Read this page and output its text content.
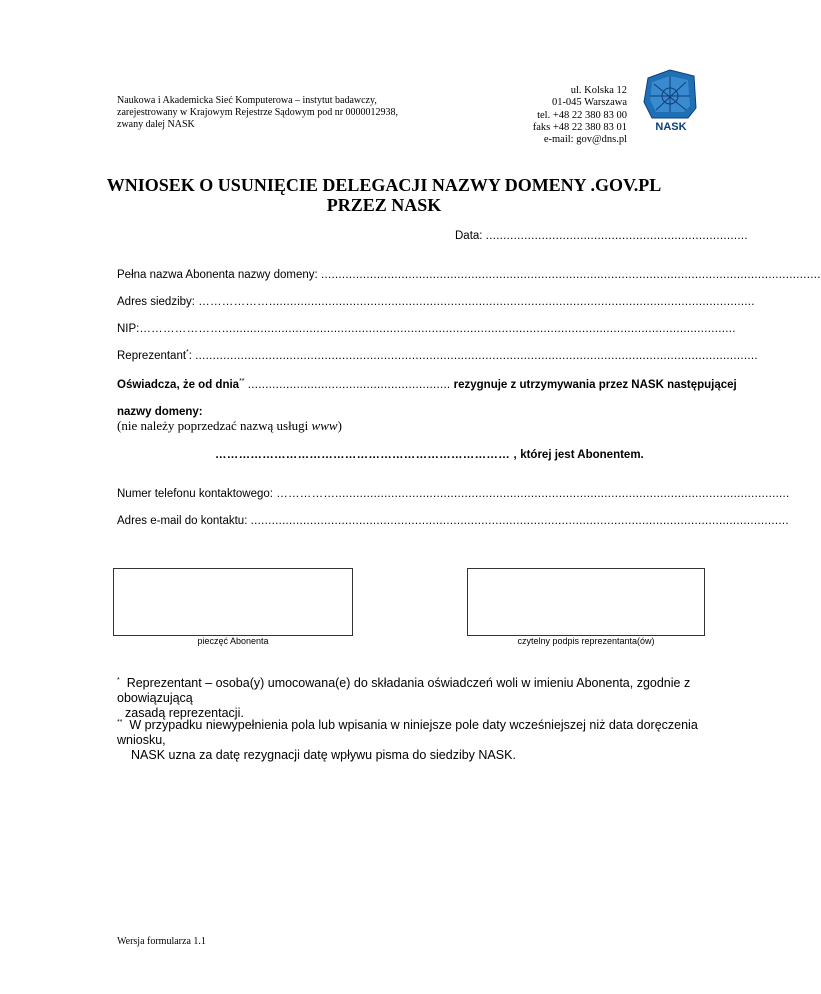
Naukowa i Akademicka Sieć Komputerowa – instytut badawczy,
zarejestrowany w Krajowym Rejestrze Sądowym pod nr 0000012938,
zwany dalej NASK
ul. Kolska 12
01-045 Warszawa
tel. +48 22 380 83 00
faks +48 22 380 83 01
e-mail: gov@dns.pl
NASK
WNIOSEK O USUNIĘCIE DELEGACJI NAZWY DOMENY .GOV.PL
PRZEZ NASK
Data: ...........................................................................
Pełna nazwa Abonenta nazwy domeny: ...............................................................................................................................................
Adres siedziby: ………………...........................................................................................................................................
NIP:…………………...................................................................................................................................................
Reprezentant*: .................................................................................................................................................................
Oświadcza, że od dnia** .......................................................... rezygnuje z utrzymywania przez NASK następującej
nazwy domeny:
(nie należy poprzedzać nazwą usługi www)
………………………………………………………………… , której jest Abonentem.
Numer telefonu kontaktowego: ……………..................................................................................................................................
Adres e-mail do kontaktu: ..........................................................................................................................................................
pieczęć Abonenta	czytelny podpis reprezentanta(ów)
* Reprezentant – osoba(y) umocowana(e) do składania oświadczeń woli w imieniu Abonenta, zgodnie z obowiązującą
zasadą reprezentacji.
** W przypadku niewypełnienia pola lub wpisania w niniejsze pole daty wcześniejszej niż data doręczenia wniosku,
NASK uzna za datę rezygnacji datę wpływu pisma do siedziby NASK.
Wersja formularza 1.1
